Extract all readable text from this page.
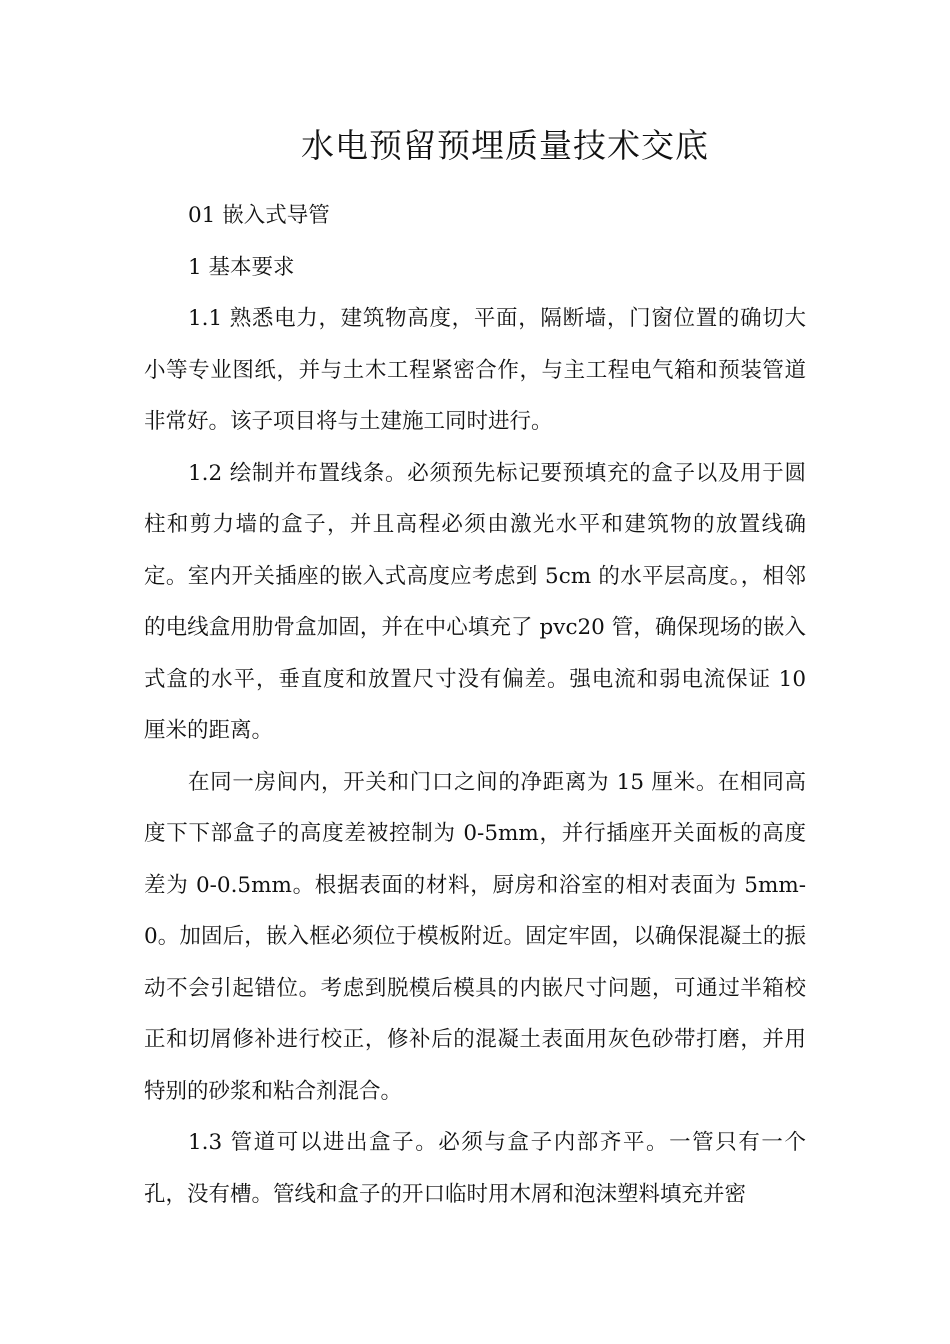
水电预留预埋质量技术交底

01 嵌入式导管

1 基本要求

1.1 熟悉电力，建筑物高度，平面，隔断墙，门窗位置的确切大小等专业图纸，并与土木工程紧密合作，与主工程电气箱和预装管道非常好。该子项目将与土建施工同时进行。

1.2 绘制并布置线条。必须预先标记要预填充的盒子以及用于圆柱和剪力墙的盒子，并且高程必须由激光水平和建筑物的放置线确定。室内开关插座的嵌入式高度应考虑到 5cm 的水平层高度。，相邻的电线盒用肋骨盒加固，并在中心填充了 pvc20 管，确保现场的嵌入式盒的水平，垂直度和放置尺寸没有偏差。强电流和弱电流保证 10 厘米的距离。

在同一房间内，开关和门口之间的净距离为 15 厘米。在相同高度下下部盒子的高度差被控制为 0-5mm，并行插座开关面板的高度差为 0-0.5mm。根据表面的材料，厨房和浴室的相对表面为 5mm-0。加固后，嵌入框必须位于模板附近。固定牢固，以确保混凝土的振动不会引起错位。考虑到脱模后模具的内嵌尺寸问题，可通过半箱校正和切屑修补进行校正，修补后的混凝土表面用灰色砂带打磨，并用特别的砂浆和粘合剂混合。

1.3 管道可以进出盒子。必须与盒子内部齐平。一管只有一个孔，没有槽。管线和盒子的开口临时用木屑和泡沫塑料填充并密
